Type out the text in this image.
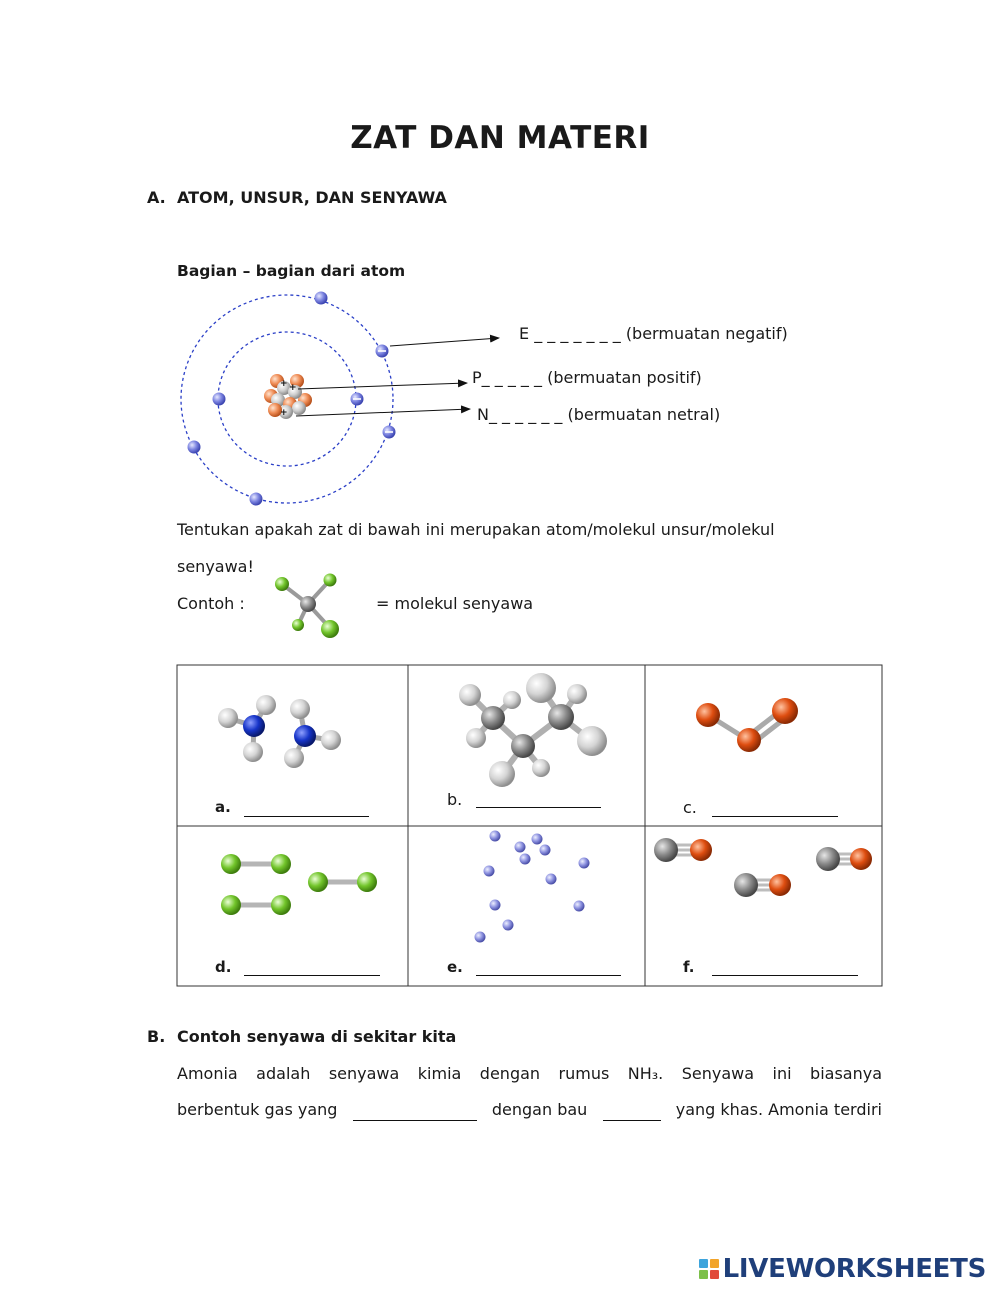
ZAT DAN MATERI
A. ATOM, UNSUR, DAN SENYAWA
Bagian – bagian dari atom
+ +
+
E _ _ _ _ _ _ _ (bermuatan negatif)
P_ _ _ _ _ (bermuatan positif)
N_ _ _ _ _ _ (bermuatan netral)
Tentukan apakah zat di bawah ini merupakan atom/molekul unsur/molekul
senyawa!
Contoh :	= molekul senyawa
a.	b.	c.
d.	e.	f.
B. Contoh senyawa di sekitar kita
Amonia adalah senyawa kimia dengan rumus NH₃. Senyawa ini biasanya
berbentuk gas yang	dengan bau	yang khas. Amonia terdiri
LIVEWORKSHEETS
